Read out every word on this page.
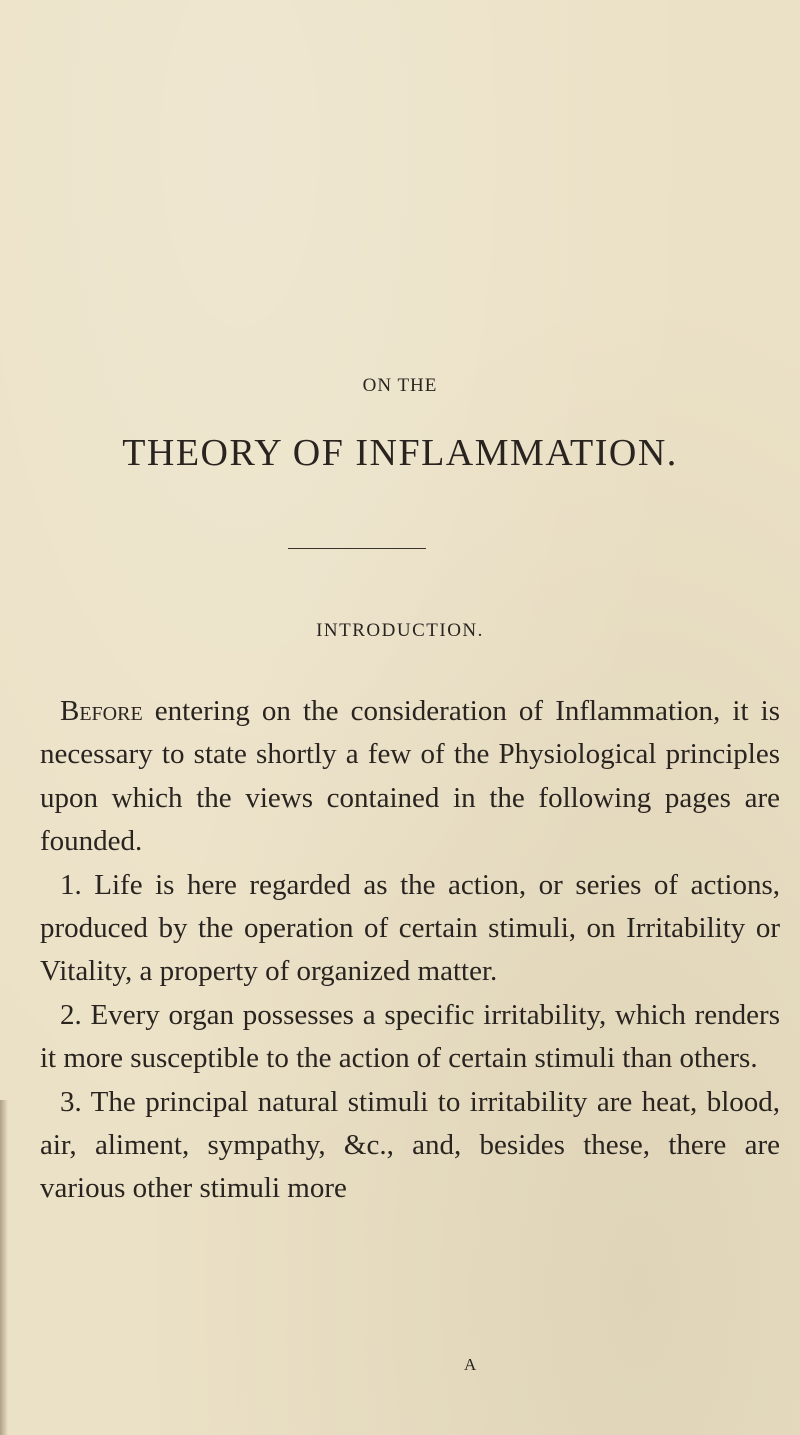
ON THE
THEORY OF INFLAMMATION.
INTRODUCTION.

Before entering on the consideration of Inflammation, it is necessary to state shortly a few of the Physiological principles upon which the views contained in the following pages are founded.

1. Life is here regarded as the action, or series of actions, produced by the operation of certain stimuli, on Irritability or Vitality, a property of organized matter.

2. Every organ possesses a specific irritability, which renders it more susceptible to the action of certain stimuli than others.

3. The principal natural stimuli to irritability are heat, blood, air, aliment, sympathy, &c., and, besides these, there are various other stimuli more

A
